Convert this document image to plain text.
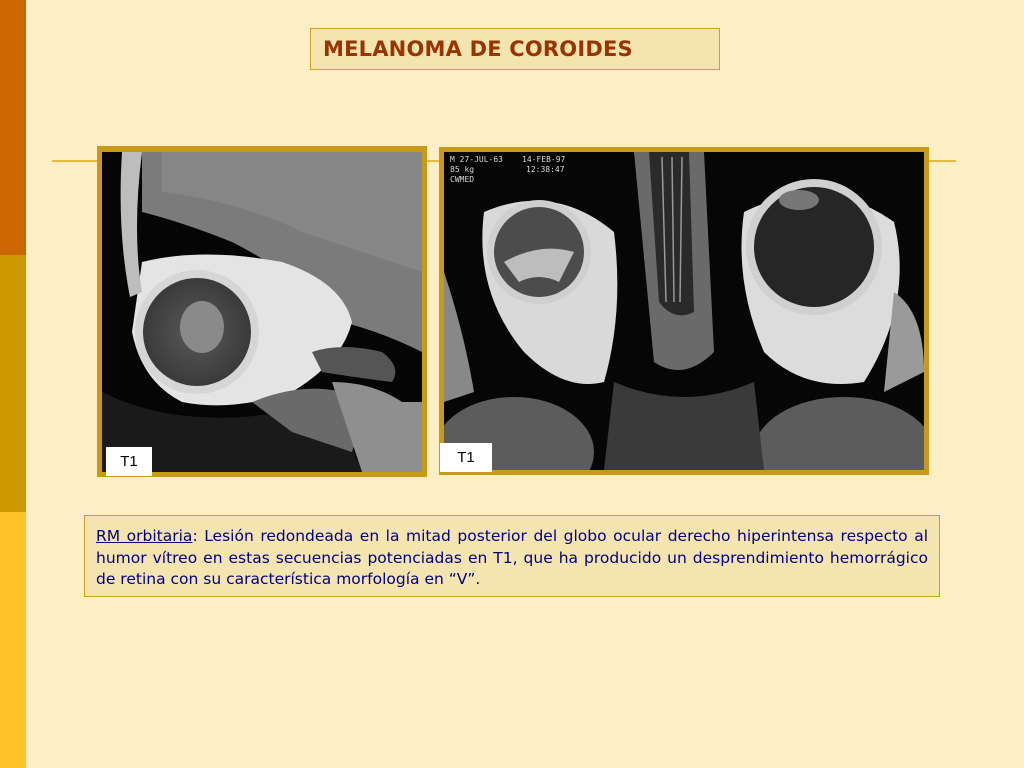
MELANOMA DE COROIDES
T1
M 27-JUL-63
85 kg
CWMED
14-FEB-97
12:38:47
T1
RM orbitaria: Lesión redondeada en la mitad posterior del globo ocular derecho hiperintensa respecto al humor vítreo en estas secuencias potenciadas en T1, que ha producido un desprendimiento hemorrágico de retina con su característica morfología en “V”.
